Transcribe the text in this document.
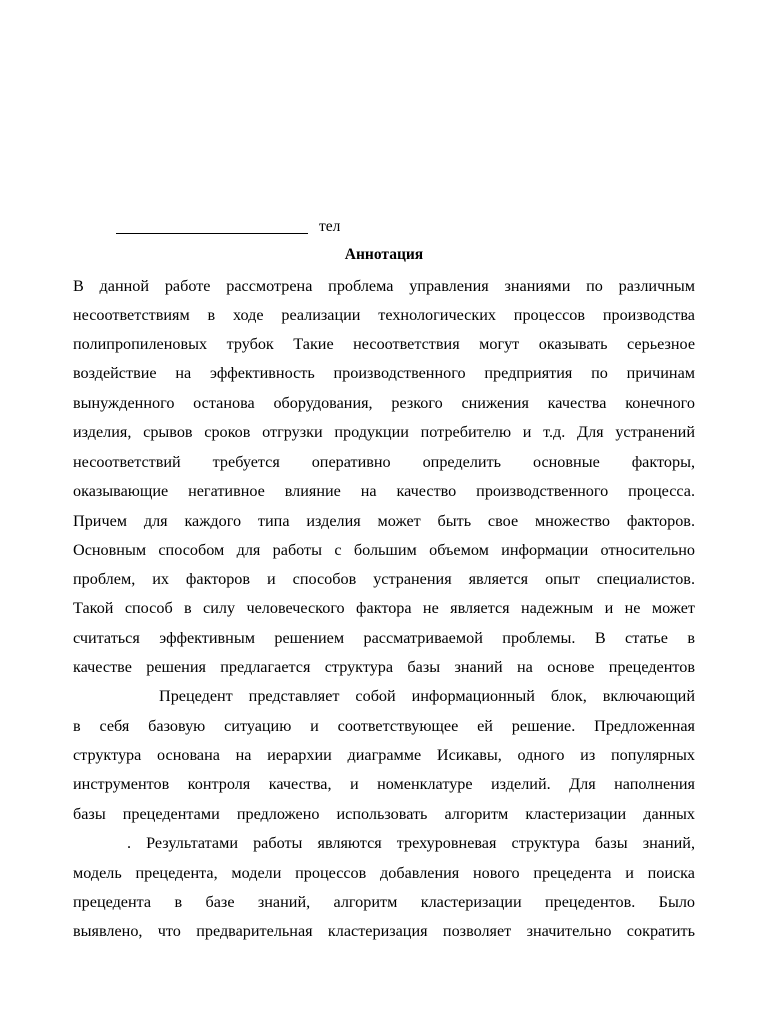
тел
Аннотация
В данной работе рассмотрена проблема управления знаниями по различным
несоответствиям в ходе реализации технологических процессов производства
полипропиленовых трубок Такие несоответствия могут оказывать серьезное
воздействие на эффективность производственного предприятия по причинам
вынужденного останова оборудования, резкого снижения качества конечного
изделия, срывов сроков отгрузки продукции потребителю и т.д. Для устранений
несоответствий требуется оперативно определить основные факторы,
оказывающие негативное влияние на качество производственного процесса.
Причем для каждого типа изделия может быть свое множество факторов.
Основным способом для работы с большим объемом информации относительно
проблем, их факторов и способов устранения является опыт специалистов.
Такой способ в силу человеческого фактора не является надежным и не может
считаться эффективным решением рассматриваемой проблемы. В статье в
качестве решения предлагается структура базы знаний на основе прецедентов
Прецедент представляет собой информационный блок, включающий
в себя базовую ситуацию и соответствующее ей решение. Предложенная
структура основана на иерархии диаграмме Исикавы, одного из популярных
инструментов контроля качества, и номенклатуре изделий. Для наполнения
базы прецедентами предложено использовать алгоритм кластеризации данных
. Результатами работы являются трехуровневая структура базы знаний,
модель прецедента, модели процессов добавления нового прецедента и поиска
прецедента в базе знаний, алгоритм кластеризации прецедентов. Было
выявлено, что предварительная кластеризация позволяет значительно сократить
